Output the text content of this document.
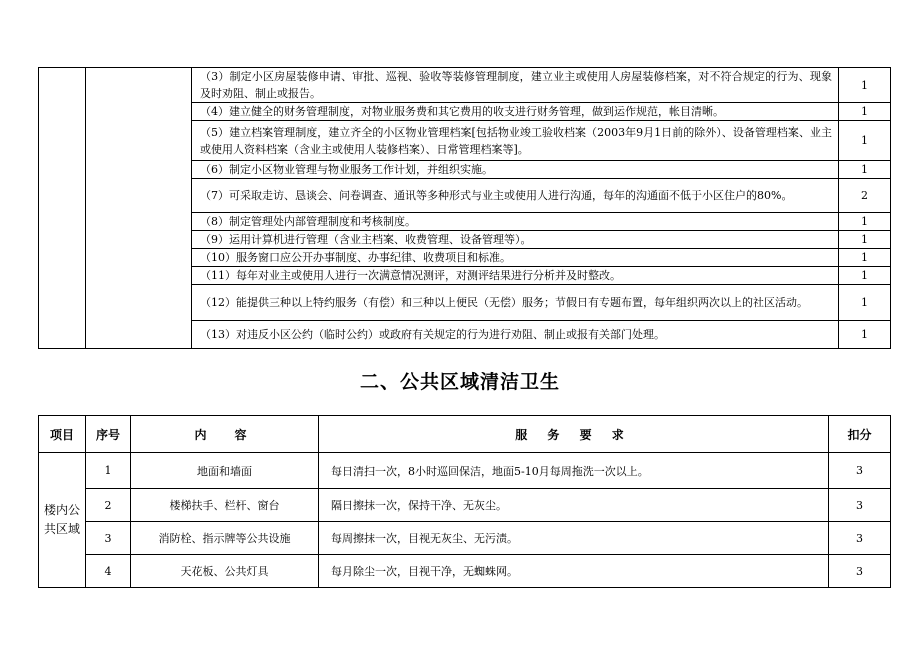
		（3）制定小区房屋装修申请、审批、巡视、验收等装修管理制度，建立业主或使用人房屋装修档案，对不符合规定的行为、现象及时劝阻、制止或报告。	1
		（4）建立健全的财务管理制度，对物业服务费和其它费用的收支进行财务管理，做到运作规范，帐目清晰。	1
		（5）建立档案管理制度，建立齐全的小区物业管理档案[包括物业竣工验收档案（2003年9月1日前的除外）、设备管理档案、业主或使用人资料档案（含业主或使用人装修档案）、日常管理档案等]。	1
		（6）制定小区物业管理与物业服务工作计划，并组织实施。	1
		（7）可采取走访、恳谈会、问卷调查、通讯等多种形式与业主或使用人进行沟通，每年的沟通面不低于小区住户的80%。	2
		（8）制定管理处内部管理制度和考核制度。	1
		（9）运用计算机进行管理（含业主档案、收费管理、设备管理等）。	1
		（10）服务窗口应公开办事制度、办事纪律、收费项目和标准。	1
		（11）每年对业主或使用人进行一次满意情况测评，对测评结果进行分析并及时整改。	1
		（12）能提供三种以上特约服务（有偿）和三种以上便民（无偿）服务；节假日有专题布置，每年组织两次以上的社区活动。	1
		（13）对违反小区公约（临时公约）或政府有关规定的行为进行劝阻、制止或报有关部门处理。	1
二、公共区域清洁卫生
项目	序号	内　容	服 务 要 求	扣分
楼内公共区域	1	地面和墙面	每日清扫一次，8小时巡回保洁，地面5-10月每周拖洗一次以上。	3
	2	楼梯扶手、栏杆、窗台	隔日擦抹一次，保持干净、无灰尘。	3
	3	消防栓、指示牌等公共设施	每周擦抹一次，目视无灰尘、无污渍。	3
	4	天花板、公共灯具	每月除尘一次，目视干净，无蜘蛛网。	3
